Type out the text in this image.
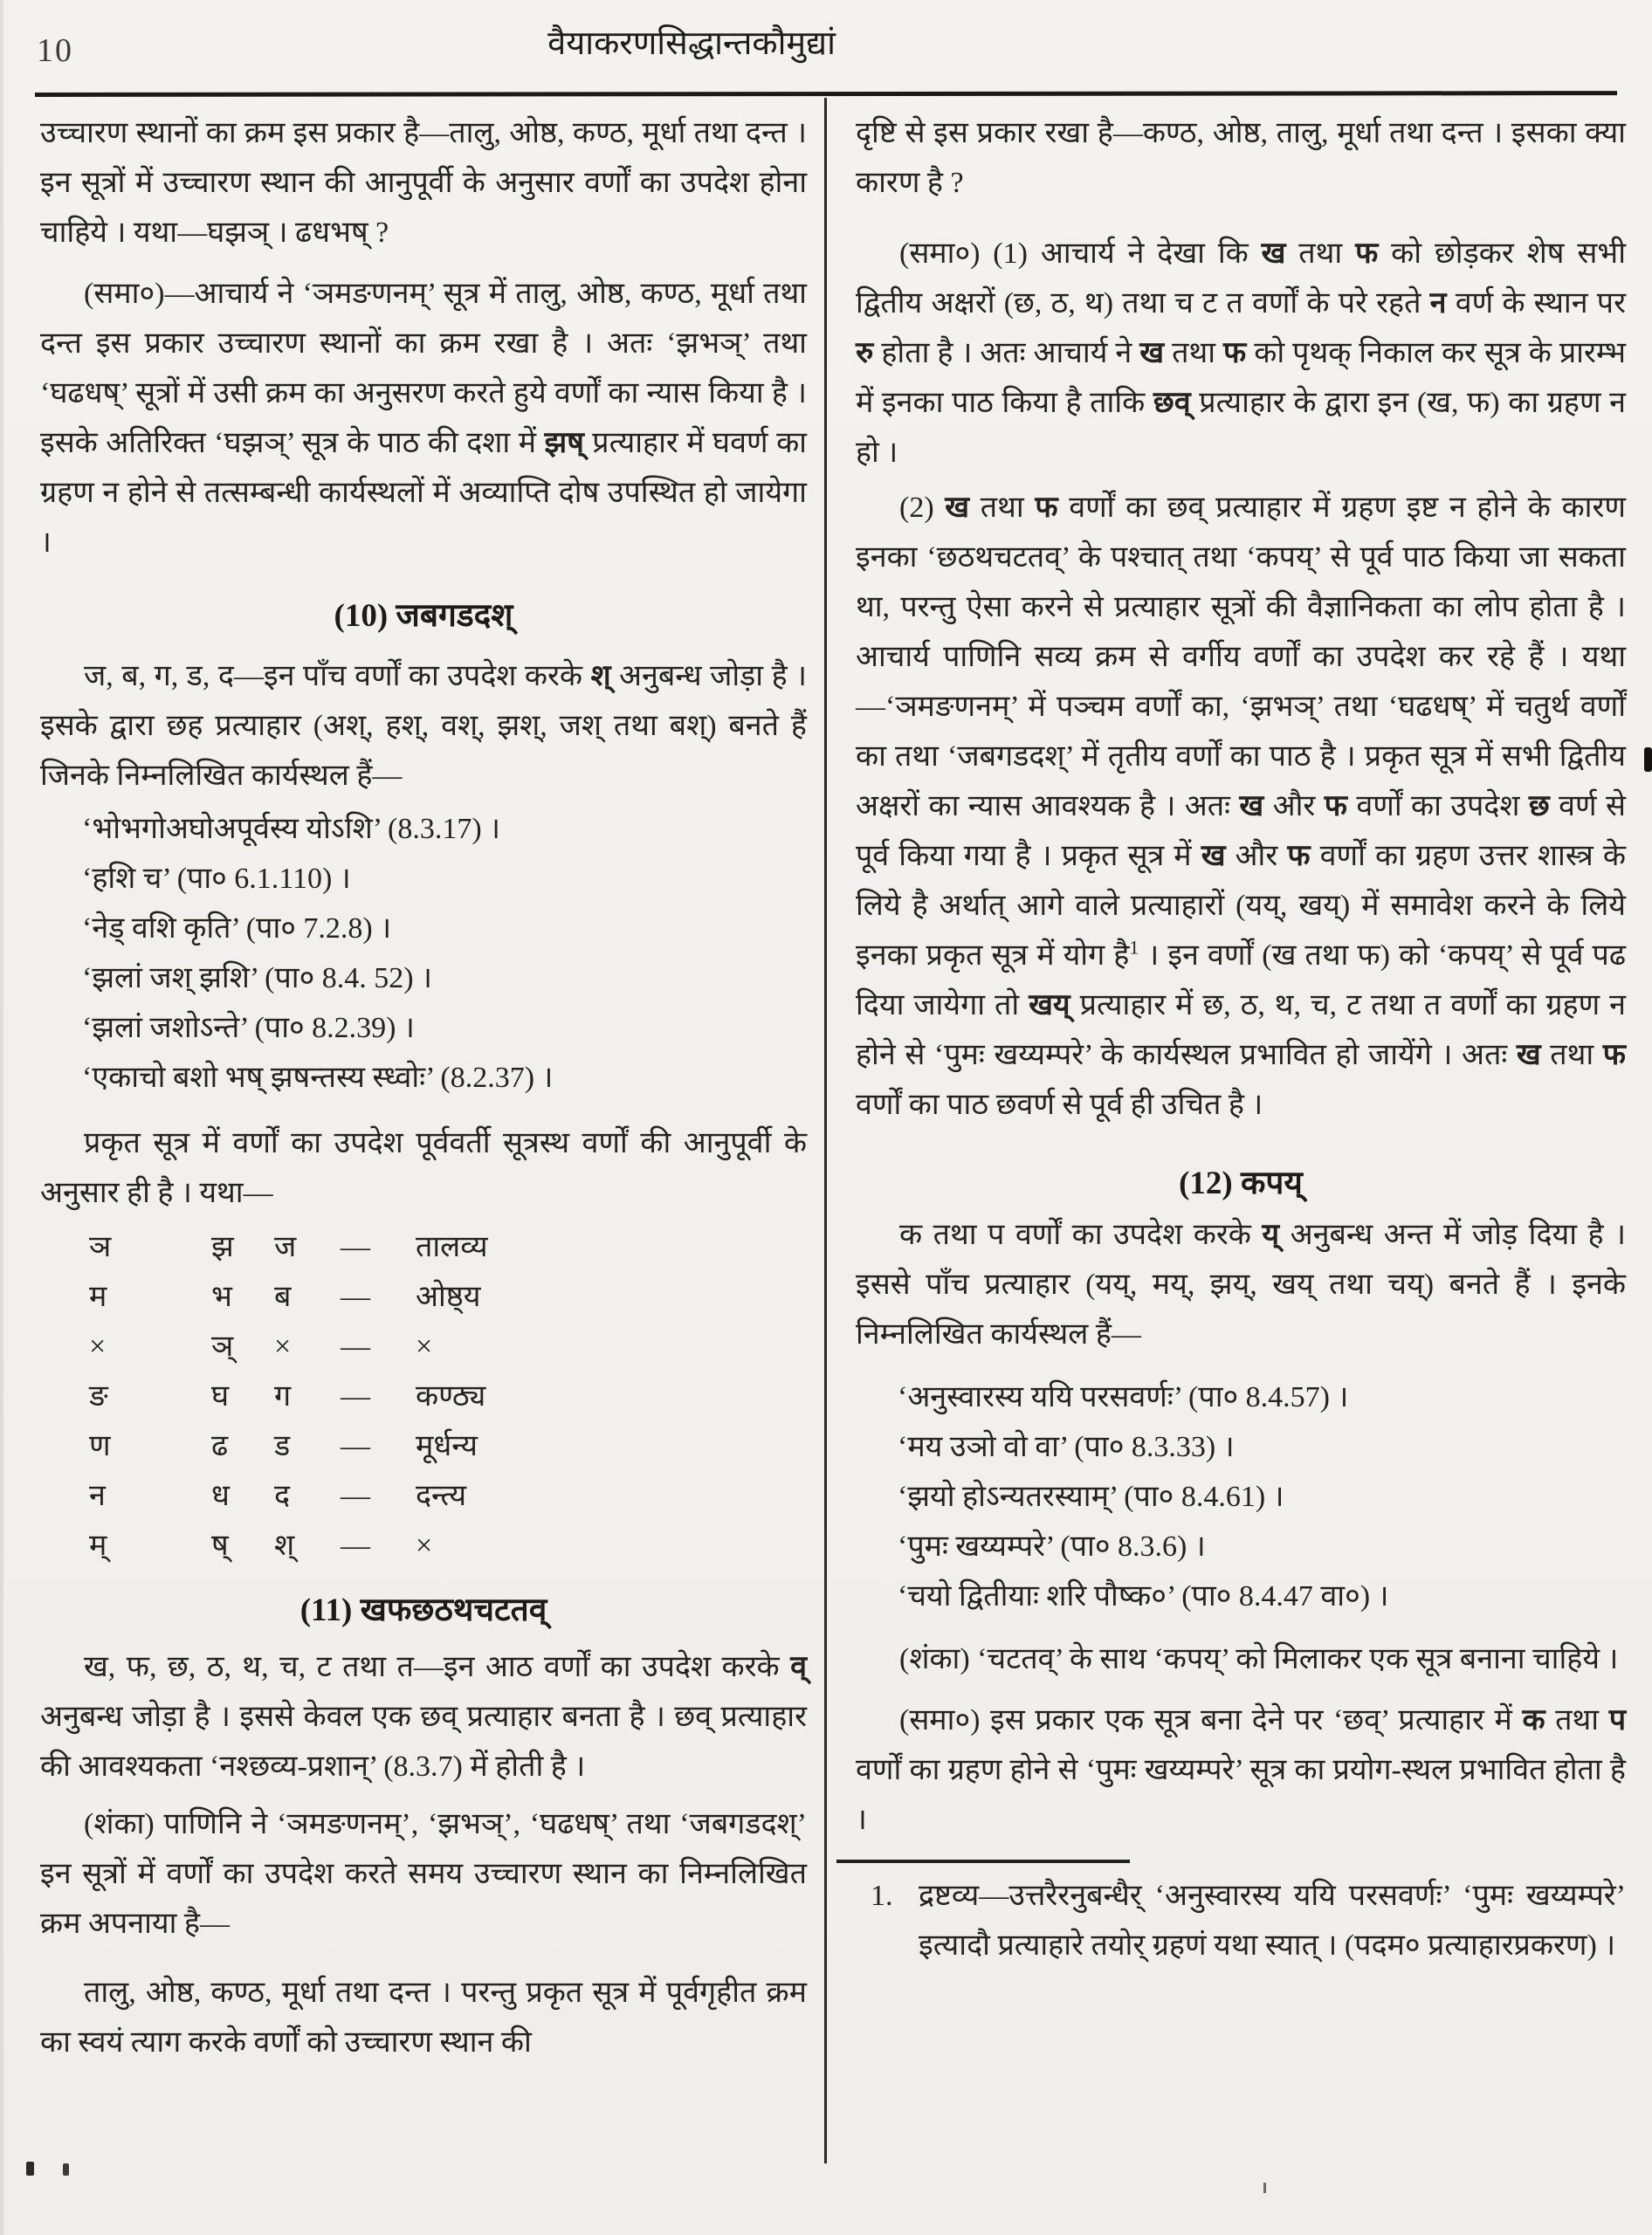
10	वैयाकरणसिद्धान्तकौमुद्यां

उच्चारण स्थानों का क्रम इस प्रकार है—तालु, ओष्ठ, कण्ठ, मूर्धा तथा दन्त । इन सूत्रों में उच्चारण स्थान की आनुपूर्वी के अनुसार वर्णों का उपदेश होना चाहिये । यथा—घझञ् । ढधभष् ?

(समा०)—आचार्य ने ‘ञमङणनम्’ सूत्र में तालु, ओष्ठ, कण्ठ, मूर्धा तथा दन्त इस प्रकार उच्चारण स्थानों का क्रम रखा है । अतः ‘झभञ्’ तथा ‘घढधष्’ सूत्रों में उसी क्रम का अनुसरण करते हुये वर्णों का न्यास किया है । इसके अतिरिक्त ‘घझञ्’ सूत्र के पाठ की दशा में झष् प्रत्याहार में घवर्ण का ग्रहण न होने से तत्सम्बन्धी कार्यस्थलों में अव्याप्ति दोष उपस्थित हो जायेगा ।

(10) जबगडदश्

ज, ब, ग, ड, द—इन पाँच वर्णों का उपदेश करके श् अनुबन्ध जोड़ा है । इसके द्वारा छह प्रत्याहार (अश्, हश्, वश्, झश्, जश् तथा बश्) बनते हैं जिनके निम्नलिखित कार्यस्थल हैं—

‘भोभगोअघोअपूर्वस्य योऽशि’ (8.3.17) ।
‘हशि च’ (पा० 6.1.110) ।
‘नेड् वशि कृति’ (पा० 7.2.8) ।
‘झलां जश् झशि’ (पा० 8.4. 52) ।
‘झलां जशोऽन्ते’ (पा० 8.2.39) ।
‘एकाचो बशो भष् झषन्तस्य स्ध्वोः’ (8.2.37) ।

प्रकृत सूत्र में वर्णों का उपदेश पूर्ववर्ती सूत्रस्थ वर्णों की आनुपूर्वी के अनुसार ही है । यथा—

ञ	झ	ज	—	तालव्य
म	भ	ब	—	ओष्ठ्य
×	ञ्	×	—	×
ङ	घ	ग	—	कण्ठ्य
ण	ढ	ड	—	मूर्धन्य
न	ध	द	—	दन्त्य
म्	ष्	श्	—	×
(11) खफछठथचटतव्

ख, फ, छ, ठ, थ, च, ट तथा त—इन आठ वर्णों का उपदेश करके व् अनुबन्ध जोड़ा है । इससे केवल एक छव् प्रत्याहार बनता है । छव् प्रत्याहार की आवश्यकता ‘नश्छव्य-प्रशान्’ (8.3.7) में होती है ।

(शंका) पाणिनि ने ‘ञमङणनम्’, ‘झभञ्’, ‘घढधष्’ तथा ‘जबगडदश्’ इन सूत्रों में वर्णों का उपदेश करते समय उच्चारण स्थान का निम्नलिखित क्रम अपनाया है—

तालु, ओष्ठ, कण्ठ, मूर्धा तथा दन्त । परन्तु प्रकृत सूत्र में पूर्वगृहीत क्रम का स्वयं त्याग करके वर्णों को उच्चारण स्थान की

दृष्टि से इस प्रकार रखा है—कण्ठ, ओष्ठ, तालु, मूर्धा तथा दन्त । इसका क्या कारण है ?

(समा०) (1) आचार्य ने देखा कि ख तथा फ को छोड़कर शेष सभी द्वितीय अक्षरों (छ, ठ, थ) तथा च ट त वर्णों के परे रहते न वर्ण के स्थान पर रु होता है । अतः आचार्य ने ख तथा फ को पृथक् निकाल कर सूत्र के प्रारम्भ में इनका पाठ किया है ताकि छव् प्रत्याहार के द्वारा इन (ख, फ) का ग्रहण न हो ।

(2) ख तथा फ वर्णों का छव् प्रत्याहार में ग्रहण इष्ट न होने के कारण इनका ‘छठथचटतव्’ के पश्चात् तथा ‘कपय्’ से पूर्व पाठ किया जा सकता था, परन्तु ऐसा करने से प्रत्याहार सूत्रों की वैज्ञानिकता का लोप होता है । आचार्य पाणिनि सव्य क्रम से वर्गीय वर्णों का उपदेश कर रहे हैं । यथा—‘ञमङणनम्’ में पञ्चम वर्णों का, ‘झभञ्’ तथा ‘घढधष्’ में चतुर्थ वर्णों का तथा ‘जबगडदश्’ में तृतीय वर्णों का पाठ है । प्रकृत सूत्र में सभी द्वितीय अक्षरों का न्यास आवश्यक है । अतः ख और फ वर्णों का उपदेश छ वर्ण से पूर्व किया गया है । प्रकृत सूत्र में ख और फ वर्णों का ग्रहण उत्तर शास्त्र के लिये है अर्थात् आगे वाले प्रत्याहारों (यय्, खय्) में समावेश करने के लिये इनका प्रकृत सूत्र में योग है$^1$ । इन वर्णों (ख तथा फ) को ‘कपय्’ से पूर्व पढ दिया जायेगा तो खय् प्रत्याहार में छ, ठ, थ, च, ट तथा त वर्णों का ग्रहण न होने से ‘पुमः खय्यम्परे’ के कार्यस्थल प्रभावित हो जायेंगे । अतः ख तथा फ वर्णों का पाठ छवर्ण से पूर्व ही उचित है ।

(12) कपय्

क तथा प वर्णों का उपदेश करके य् अनुबन्ध अन्त में जोड़ दिया है । इससे पाँच प्रत्याहार (यय्, मय्, झय्, खय् तथा चय्) बनते हैं । इनके निम्नलिखित कार्यस्थल हैं—

‘अनुस्वारस्य ययि परसवर्णः’ (पा० 8.4.57) ।
‘मय उञो वो वा’ (पा० 8.3.33) ।
‘झयो होऽन्यतरस्याम्’ (पा० 8.4.61) ।
‘पुमः खय्यम्परे’ (पा० 8.3.6) ।
‘चयो द्वितीयाः शरि पौष्क०’ (पा० 8.4.47 वा०) ।

(शंका) ‘चटतव्’ के साथ ‘कपय्’ को मिलाकर एक सूत्र बनाना चाहिये ।

(समा०) इस प्रकार एक सूत्र बना देने पर ‘छव्’ प्रत्याहार में क तथा प वर्णों का ग्रहण होने से ‘पुमः खय्यम्परे’ सूत्र का प्रयोग-स्थल प्रभावित होता है ।

1. द्रष्टव्य—उत्तरैरनुबन्धैर् ‘अनुस्वारस्य ययि परसवर्णः’ ‘पुमः खय्यम्परे’ इत्यादौ प्रत्याहारे तयोर् ग्रहणं यथा स्यात् । (पदम० प्रत्याहारप्रकरण) ।
